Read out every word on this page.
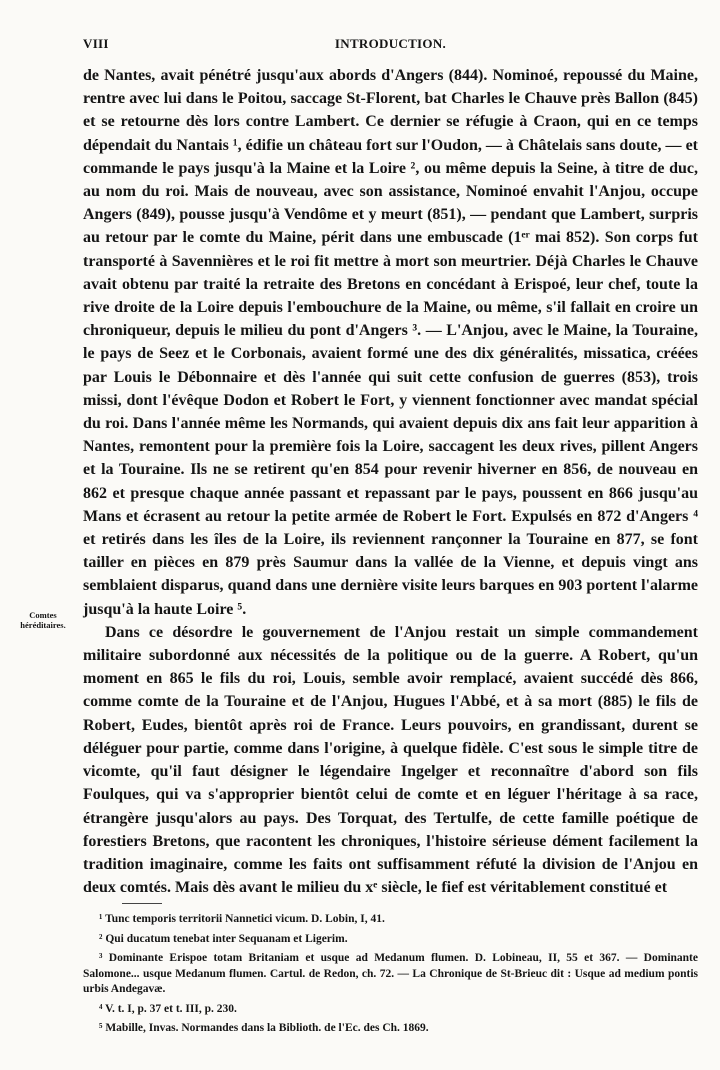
VIII	INTRODUCTION.
Comtes héréditaires.

de Nantes, avait pénétré jusqu'aux abords d'Angers (844). Nominoé, repoussé du Maine, rentre avec lui dans le Poitou, saccage St-Florent, bat Charles le Chauve près Ballon (845) et se retourne dès lors contre Lambert. Ce dernier se réfugie à Craon, qui en ce temps dépendait du Nantais ¹, édifie un château fort sur l'Oudon, — à Châtelais sans doute, — et commande le pays jusqu'à la Maine et la Loire ², ou même depuis la Seine, à titre de duc, au nom du roi. Mais de nouveau, avec son assistance, Nominoé envahit l'Anjou, occupe Angers (849), pousse jusqu'à Vendôme et y meurt (851), — pendant que Lambert, surpris au retour par le comte du Maine, périt dans une embuscade (1ᵉʳ mai 852). Son corps fut transporté à Savennières et le roi fit mettre à mort son meurtrier. Déjà Charles le Chauve avait obtenu par traité la retraite des Bretons en concédant à Erispoé, leur chef, toute la rive droite de la Loire depuis l'embouchure de la Maine, ou même, s'il fallait en croire un chroniqueur, depuis le milieu du pont d'Angers ³. — L'Anjou, avec le Maine, la Touraine, le pays de Seez et le Corbonais, avaient formé une des dix généralités, missatica, créées par Louis le Débonnaire et dès l'année qui suit cette confusion de guerres (853), trois missi, dont l'évêque Dodon et Robert le Fort, y viennent fonctionner avec mandat spécial du roi. Dans l'année même les Normands, qui avaient depuis dix ans fait leur apparition à Nantes, remontent pour la première fois la Loire, saccagent les deux rives, pillent Angers et la Touraine. Ils ne se retirent qu'en 854 pour revenir hiverner en 856, de nouveau en 862 et presque chaque année passant et repassant par le pays, poussent en 866 jusqu'au Mans et écrasent au retour la petite armée de Robert le Fort. Expulsés en 872 d'Angers ⁴ et retirés dans les îles de la Loire, ils reviennent rançonner la Touraine en 877, se font tailler en pièces en 879 près Saumur dans la vallée de la Vienne, et depuis vingt ans semblaient disparus, quand dans une dernière visite leurs barques en 903 portent l'alarme jusqu'à la haute Loire ⁵.

Dans ce désordre le gouvernement de l'Anjou restait un simple commandement militaire subordonné aux nécessités de la politique ou de la guerre. A Robert, qu'un moment en 865 le fils du roi, Louis, semble avoir remplacé, avaient succédé dès 866, comme comte de la Touraine et de l'Anjou, Hugues l'Abbé, et à sa mort (885) le fils de Robert, Eudes, bientôt après roi de France. Leurs pouvoirs, en grandissant, durent se déléguer pour partie, comme dans l'origine, à quelque fidèle. C'est sous le simple titre de vicomte, qu'il faut désigner le légendaire Ingelger et reconnaître d'abord son fils Foulques, qui va s'approprier bientôt celui de comte et en léguer l'héritage à sa race, étrangère jusqu'alors au pays. Des Torquat, des Tertulfe, de cette famille poétique de forestiers Bretons, que racontent les chroniques, l'histoire sérieuse dément facilement la tradition imaginaire, comme les faits ont suffisamment réfuté la division de l'Anjou en deux comtés. Mais dès avant le milieu du xᵉ siècle, le fief est véritablement constitué et

¹ Tunc temporis territorii Nannetici vicum. D. Lobin, I, 41.

² Qui ducatum tenebat inter Sequanam et Ligerim.

³ Dominante Erispoe totam Britaniam et usque ad Medanum flumen. D. Lobineau, II, 55 et 367. — Dominante Salomone... usque Medanum flumen. Cartul. de Redon, ch. 72. — La Chronique de St-Brieuc dit : Usque ad medium pontis urbis Andegavæ.

⁴ V. t. I, p. 37 et t. III, p. 230.

⁵ Mabille, Invas. Normandes dans la Biblioth. de l'Ec. des Ch. 1869.
